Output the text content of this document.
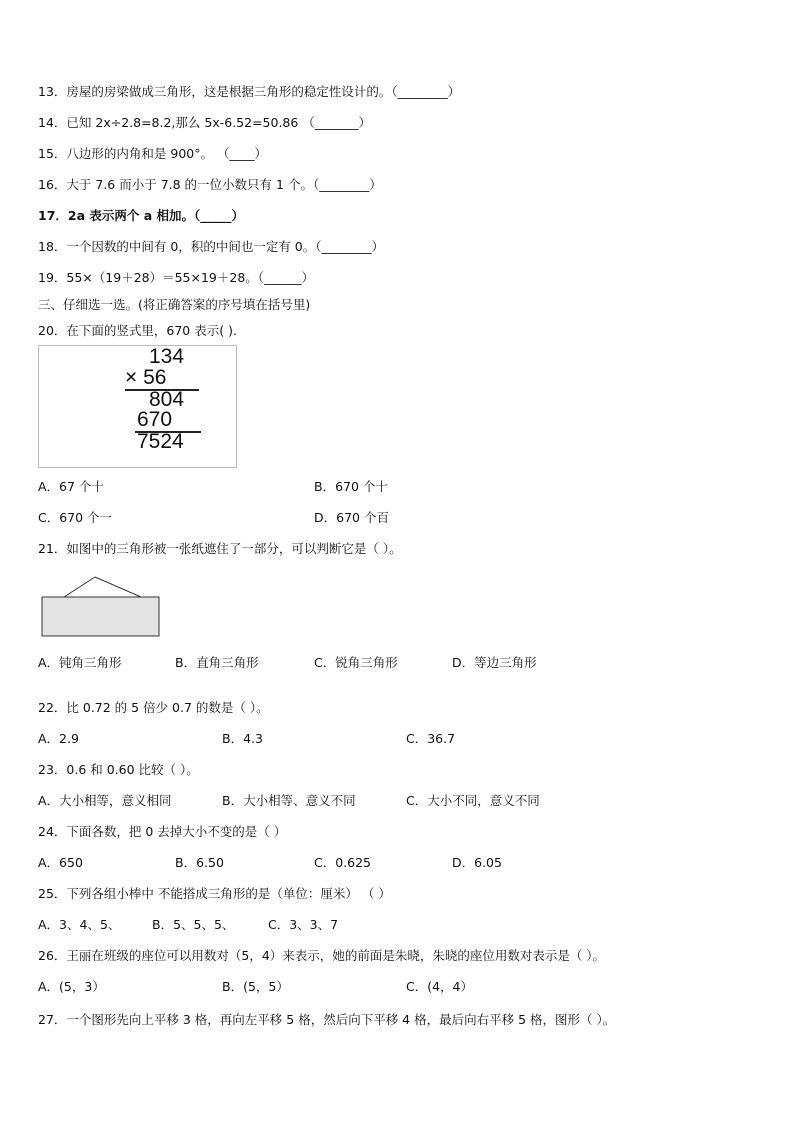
13．房屋的房梁做成三角形，这是根据三角形的稳定性设计的。（________）
14．已知 2x÷2.8=8.2,那么 5x-6.52=50.86 （_______）
15．八边形的内角和是 900°。 （____）
16．大于 7.6 而小于 7.8 的一位小数只有 1 个。（________）
17．2a 表示两个 a 相加。（_____）
18．一个因数的中间有 0，积的中间也一定有 0。（________）
19．55×（19＋28）＝55×19＋28。（______）
三、仔细选一选。(将正确答案的序号填在括号里)
20．在下面的竖式里，670 表示( ).
134
× 56
804
670
7524
A．67 个十	B．670 个十
C．670 个一	D．670 个百
21．如图中的三角形被一张纸遮住了一部分，可以判断它是（ ）。
A．钝角三角形	B．直角三角形	C．锐角三角形	D．等边三角形
22．比 0.72 的 5 倍少 0.7 的数是（ ）。
A．2.9	B．4.3	C．36.7
23．0.6 和 0.60 比较（ ）。
A．大小相等，意义相同	B．大小相等、意义不同	C．大小不同，意义不同
24．下面各数，把 0 去掉大小不变的是（ ）
A．650	B．6.50	C．0.625	D．6.05
25．下列各组小棒中 不能搭成三角形的是（单位：厘米） （ ）
A．3、4、5、	B．5、5、5、	C．3、3、7
26．王丽在班级的座位可以用数对（5，4）来表示，她的前面是朱晓，朱晓的座位用数对表示是（ ）。
A．(5，3）	B．(5，5）	C．(4，4）
27．一个图形先向上平移 3 格，再向左平移 5 格，然后向下平移 4 格，最后向右平移 5 格，图形（ ）。
